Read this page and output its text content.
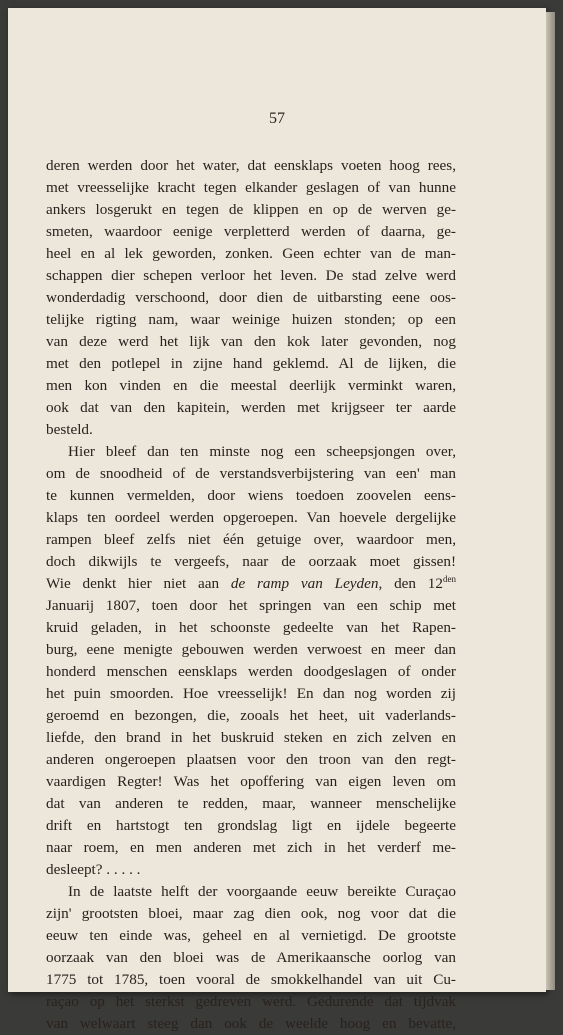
57
deren werden door het water, dat eensklaps voeten hoog rees,
met vreesselijke kracht tegen elkander geslagen of van hunne
ankers losgerukt en tegen de klippen en op de werven ge-
smeten, waardoor eenige verpletterd werden of daarna, ge-
heel en al lek geworden, zonken. Geen echter van de man-
schappen dier schepen verloor het leven. De stad zelve werd
wonderdadig verschoond, door dien de uitbarsting eene oos-
telijke rigting nam, waar weinige huizen stonden; op een
van deze werd het lijk van den kok later gevonden, nog
met den potlepel in zijne hand geklemd. Al de lijken, die
men kon vinden en die meestal deerlijk verminkt waren,
ook dat van den kapitein, werden met krijgseer ter aarde
besteld.
Hier bleef dan ten minste nog een scheepsjongen over,
om de snoodheid of de verstandsverbijstering van een' man
te kunnen vermelden, door wiens toedoen zoovelen eens-
klaps ten oordeel werden opgeroepen. Van hoevele dergelijke
rampen bleef zelfs niet één getuige over, waardoor men,
doch dikwijls te vergeefs, naar de oorzaak moet gissen!
Wie denkt hier niet aan de ramp van Leyden, den $12^{den}$
Januarij 1807, toen door het springen van een schip met
kruid geladen, in het schoonste gedeelte van het Rapen-
burg, eene menigte gebouwen werden verwoest en meer dan
honderd menschen eensklaps werden doodgeslagen of onder
het puin smoorden. Hoe vreesselijk! En dan nog worden zij
geroemd en bezongen, die, zooals het heet, uit vaderlands-
liefde, den brand in het buskruid steken en zich zelven en
anderen ongeroepen plaatsen voor den troon van den regt-
vaardigen Regter! Was het opoffering van eigen leven om
dat van anderen te redden, maar, wanneer menschelijke
drift en hartstogt ten grondslag ligt en ijdele begeerte
naar roem, en men anderen met zich in het verderf me-
desleept? . . . . .
In de laatste helft der voorgaande eeuw bereikte Curaçao
zijn' grootsten bloei, maar zag dien ook, nog voor dat die
eeuw ten einde was, geheel en al vernietigd. De grootste
oorzaak van den bloei was de Amerikaansche oorlog van
1775 tot 1785, toen vooral de smokkelhandel van uit Cu-
raçao op het sterkst gedreven werd. Gedurende dat tijdvak
van welwaart steeg dan ook de weelde hoog en bevatte,
